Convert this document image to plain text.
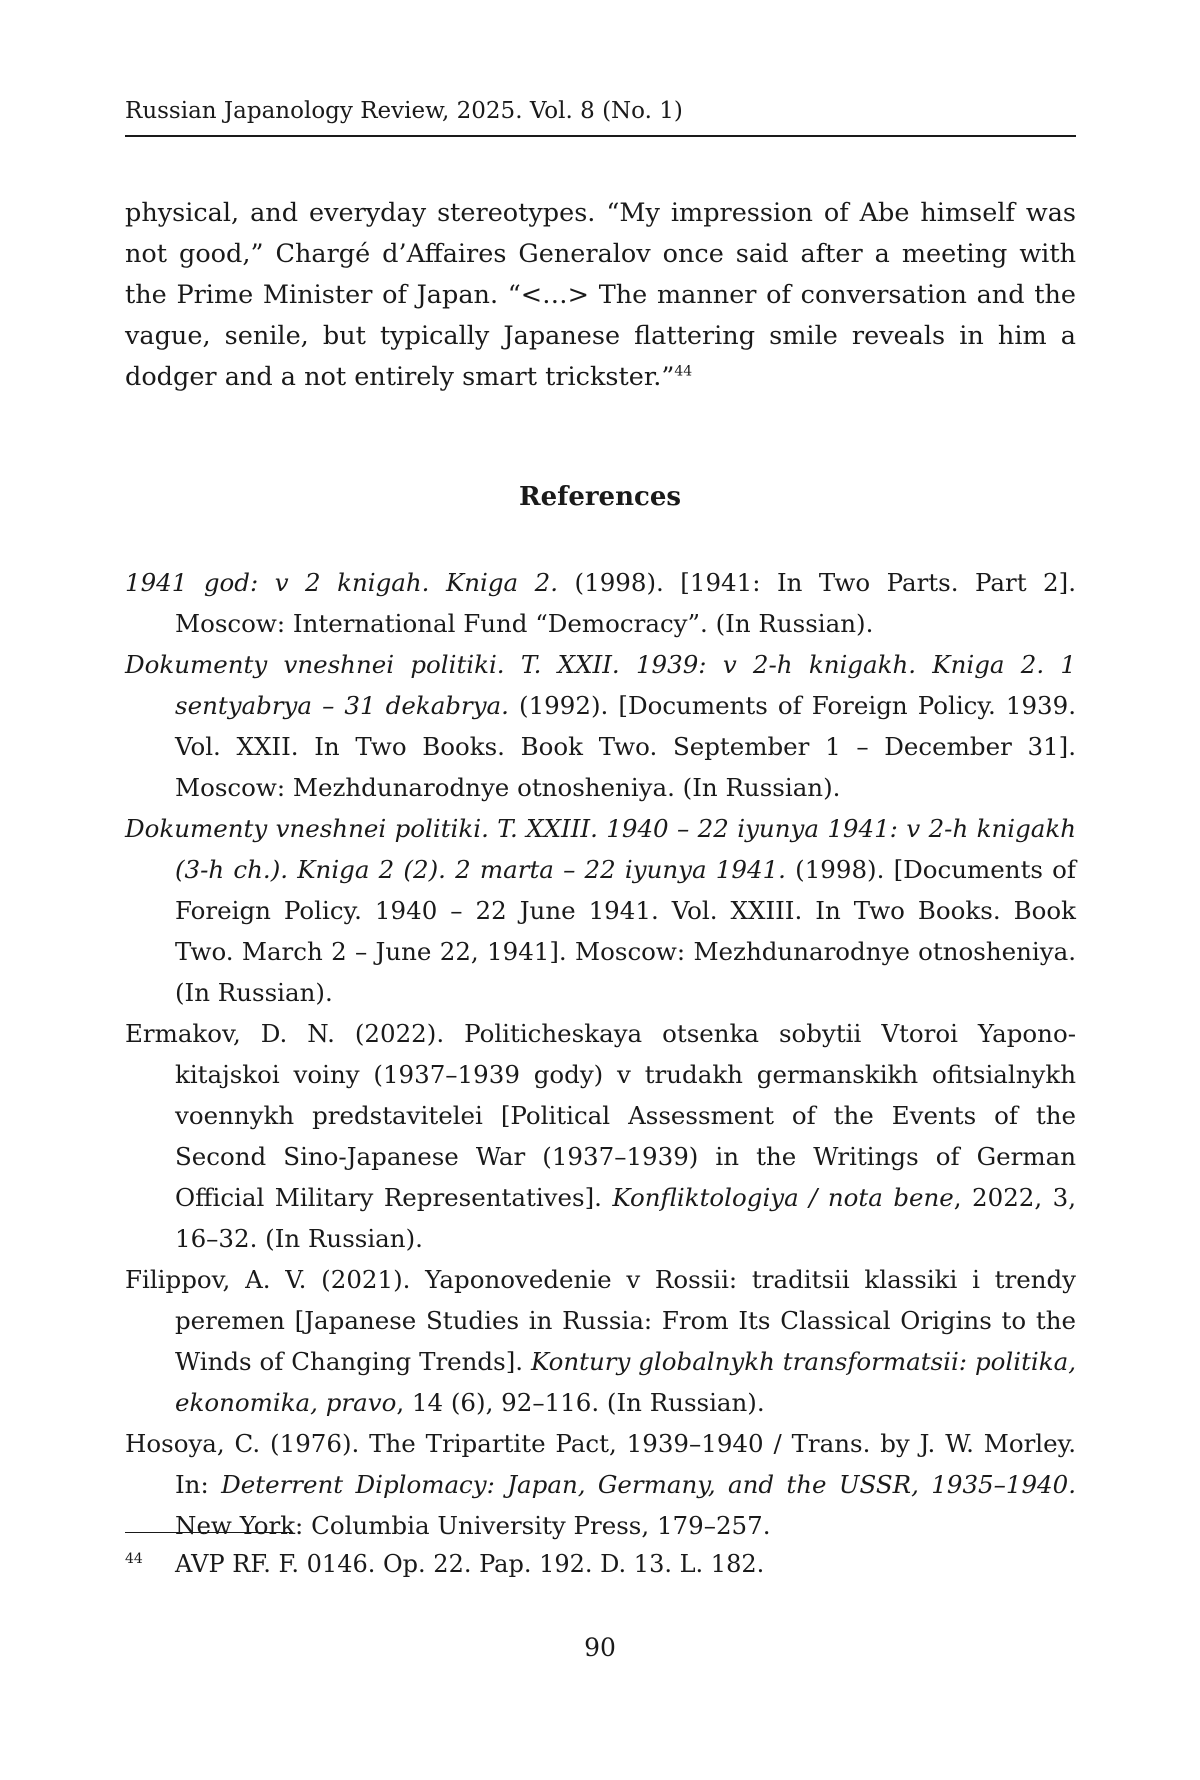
Russian Japanology Review, 2025. Vol. 8 (No. 1)

physical, and everyday stereotypes. “My impression of Abe himself was not good,” Chargé d’Affaires Generalov once said after a meeting with the Prime Minister of Japan. “<…> The manner of conversation and the vague, senile, but typically Japanese flattering smile reveals in him a dodger and a not entirely smart trickster.”$^{44}$

References

1941 god: v 2 knigah. Kniga 2. (1998). [1941: In Two Parts. Part 2]. Moscow: International Fund “Democracy”. (In Russian).

Dokumenty vneshnei politiki. T. XXII. 1939: v 2-h knigakh. Kniga 2. 1 sentyabrya – 31 dekabrya. (1992). [Documents of Foreign Policy. 1939. Vol. XXII. In Two Books. Book Two. September 1 – December 31]. Moscow: Mezhdunarodnye otnosheniya. (In Russian).

Dokumenty vneshnei politiki. T. XXIII. 1940 – 22 iyunya 1941: v 2-h knigakh (3-h ch.). Kniga 2 (2). 2 marta – 22 iyunya 1941. (1998). [Documents of Foreign Policy. 1940 – 22 June 1941. Vol. XXIII. In Two Books. Book Two. March 2 – June 22, 1941]. Moscow: Mezhdunarodnye otnosheniya. (In Russian).

Ermakov, D. N. (2022). Politicheskaya otsenka sobytii Vtoroi Yapono-kitajskoi voiny (1937–1939 gody) v trudakh germanskikh ofitsialnykh voennykh predstavitelei [Political Assessment of the Events of the Second Sino-Japanese War (1937–1939) in the Writings of German Official Military Representatives]. Konfliktologiya / nota bene, 2022, 3, 16–32. (In Russian).

Filippov, A. V. (2021). Yaponovedenie v Rossii: traditsii klassiki i trendy peremen [Japanese Studies in Russia: From Its Classical Origins to the Winds of Changing Trends]. Kontury globalnykh transformatsii: politika, ekonomika, pravo, 14 (6), 92–116. (In Russian).

Hosoya, C. (1976). The Tripartite Pact, 1939–1940 / Trans. by J. W. Morley. In: Deterrent Diplomacy: Japan, Germany, and the USSR, 1935–1940. New York: Columbia University Press, 179–257.

44 AVP RF. F. 0146. Op. 22. Pap. 192. D. 13. L. 182.
90
